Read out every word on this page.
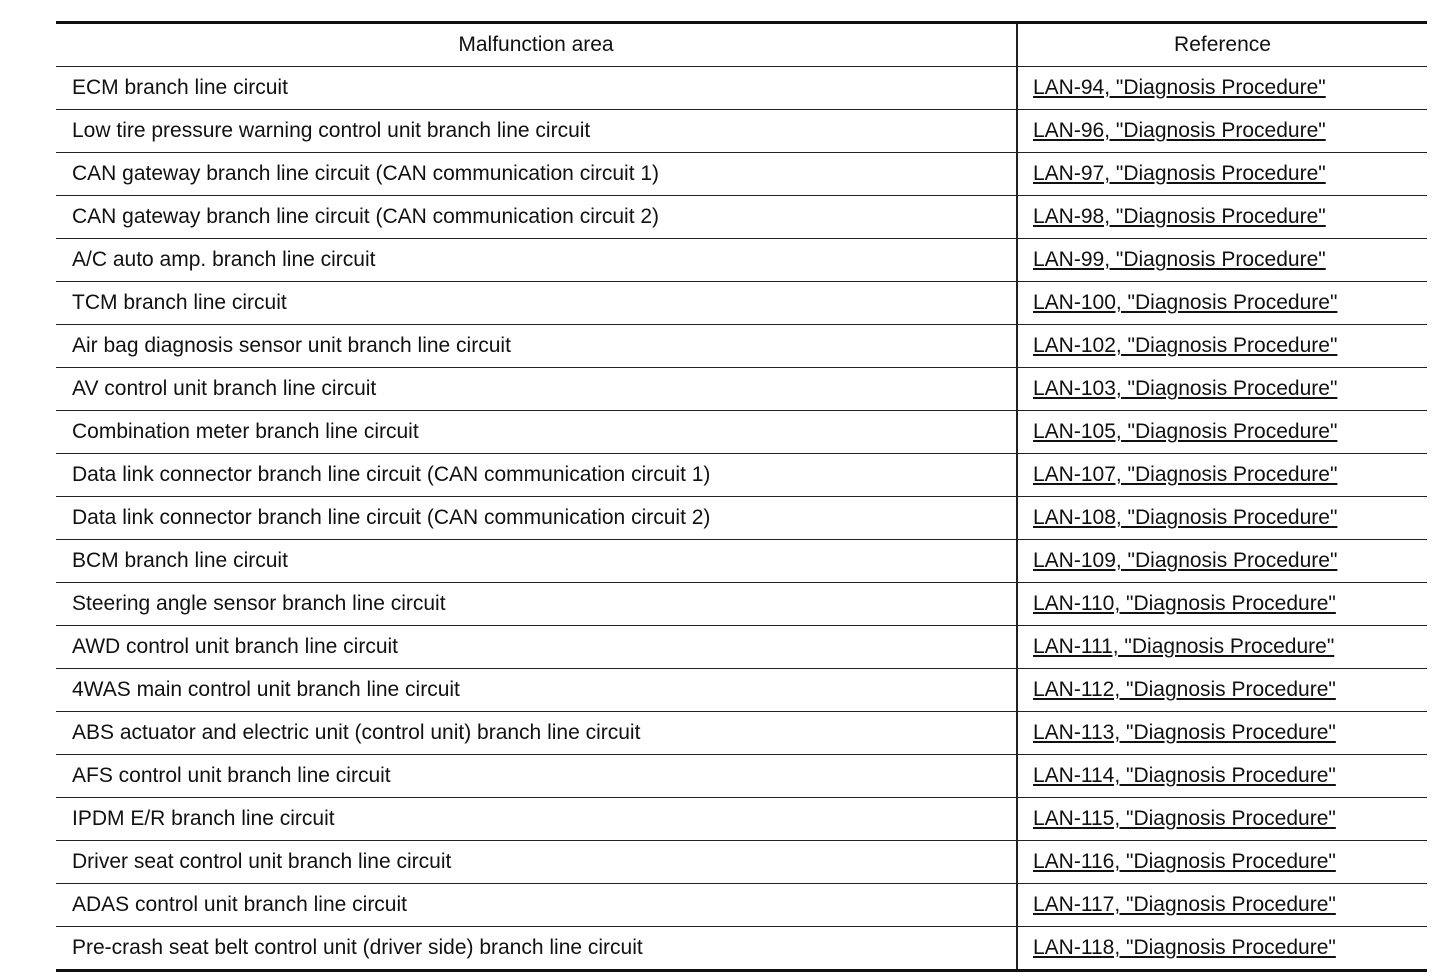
Malfunction area	Reference
ECM branch line circuit	LAN-94, "Diagnosis Procedure"
Low tire pressure warning control unit branch line circuit	LAN-96, "Diagnosis Procedure"
CAN gateway branch line circuit (CAN communication circuit 1)	LAN-97, "Diagnosis Procedure"
CAN gateway branch line circuit (CAN communication circuit 2)	LAN-98, "Diagnosis Procedure"
A/C auto amp. branch line circuit	LAN-99, "Diagnosis Procedure"
TCM branch line circuit	LAN-100, "Diagnosis Procedure"
Air bag diagnosis sensor unit branch line circuit	LAN-102, "Diagnosis Procedure"
AV control unit branch line circuit	LAN-103, "Diagnosis Procedure"
Combination meter branch line circuit	LAN-105, "Diagnosis Procedure"
Data link connector branch line circuit (CAN communication circuit 1)	LAN-107, "Diagnosis Procedure"
Data link connector branch line circuit (CAN communication circuit 2)	LAN-108, "Diagnosis Procedure"
BCM branch line circuit	LAN-109, "Diagnosis Procedure"
Steering angle sensor branch line circuit	LAN-110, "Diagnosis Procedure"
AWD control unit branch line circuit	LAN-111, "Diagnosis Procedure"
4WAS main control unit branch line circuit	LAN-112, "Diagnosis Procedure"
ABS actuator and electric unit (control unit) branch line circuit	LAN-113, "Diagnosis Procedure"
AFS control unit branch line circuit	LAN-114, "Diagnosis Procedure"
IPDM E/R branch line circuit	LAN-115, "Diagnosis Procedure"
Driver seat control unit branch line circuit	LAN-116, "Diagnosis Procedure"
ADAS control unit branch line circuit	LAN-117, "Diagnosis Procedure"
Pre-crash seat belt control unit (driver side) branch line circuit	LAN-118, "Diagnosis Procedure"
